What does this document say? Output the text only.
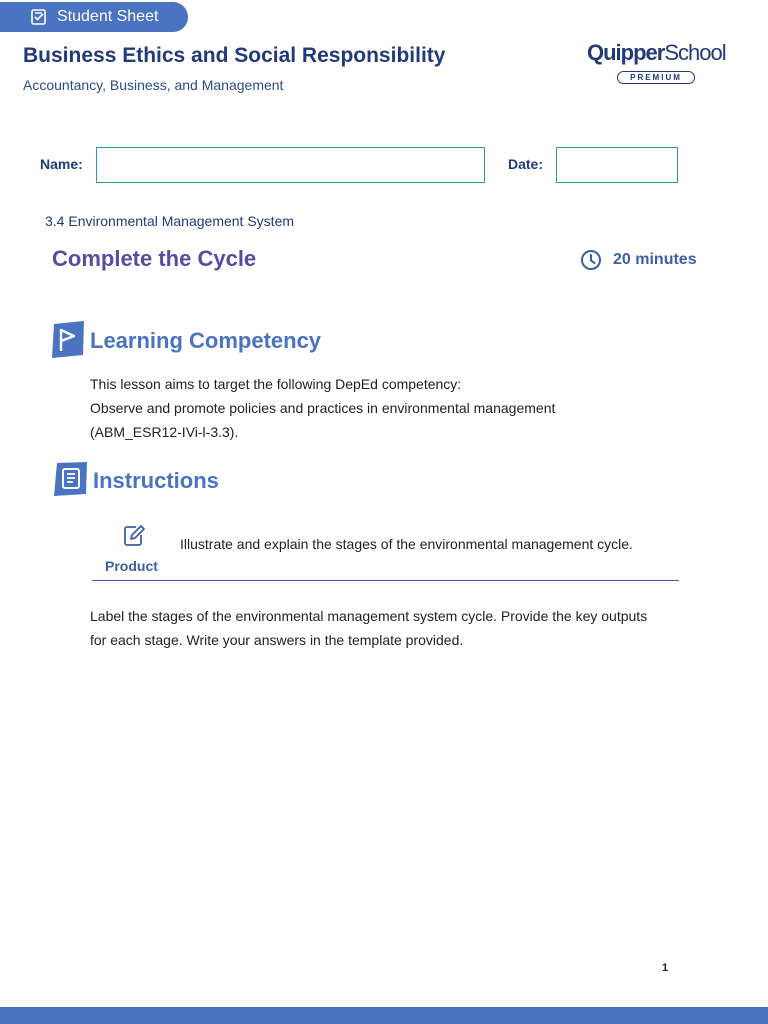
Student Sheet
Business Ethics and Social Responsibility
Accountancy, Business, and Management
QuipperSchool
PREMIUM
Name:	Date:
3.4 Environmental Management System
Complete the Cycle	20 minutes
Learning Competency
This lesson aims to target the following DepEd competency:
Observe and promote policies and practices in environmental management
(ABM_ESR12-IVi-l-3.3).
Instructions
Product
Illustrate and explain the stages of the environmental management cycle.
Label the stages of the environmental management system cycle. Provide the key outputs
for each stage. Write your answers in the template provided.
1
